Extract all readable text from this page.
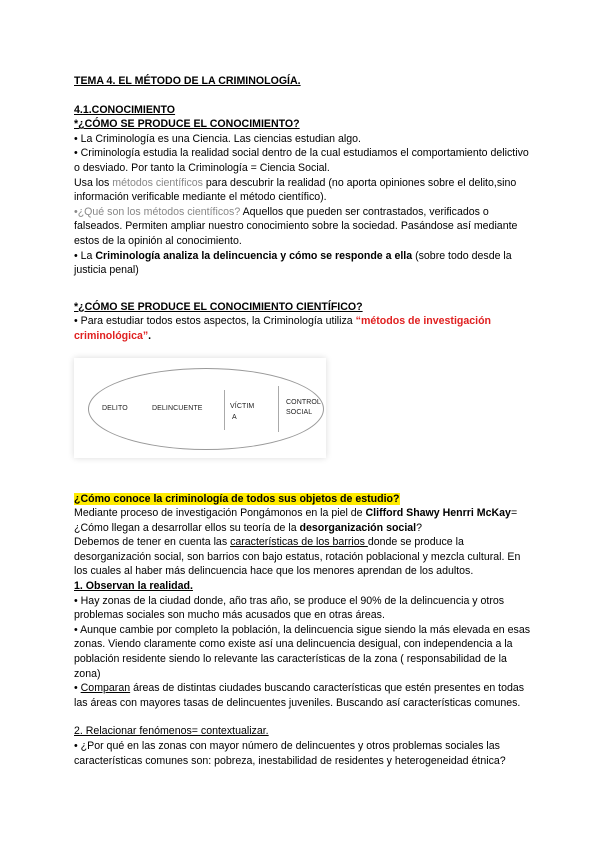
TEMA 4. EL MÉTODO DE LA CRIMINOLOGÍA.

4.1.CONOCIMIENTO

*¿CÓMO SE PRODUCE EL CONOCIMIENTO?

• La Criminología es una Ciencia. Las ciencias estudian algo.

• Criminología estudia la realidad social dentro de la cual estudiamos el comportamiento delictivo o desviado. Por tanto la Criminología = Ciencia Social.

Usa los métodos científicos para descubrir la realidad (no aporta opiniones sobre el delito,sino información verificable mediante el método científico).

•¿Qué son los métodos científicos? Aquellos que pueden ser contrastados, verificados o falseados. Permiten ampliar nuestro conocimiento sobre la sociedad. Pasándose así mediante estos de la opinión al conocimiento.

• La Criminología analiza la delincuencia y cómo se responde a ella (sobre todo desde la justicia penal)

*¿CÓMO SE PRODUCE EL CONOCIMIENTO CIENTÍFICO?

• Para estudiar todos estos aspectos, la Criminología utiliza “métodos de investigación criminológica”.

DELITO	DELINCUENTE	VÍCTIM
A
CONTROL
SOCIAL

¿Cómo conoce la criminología de todos sus objetos de estudio?

Mediante proceso de investigación Pongámonos en la piel de Clifford Shawy Henrri McKay= ¿Cómo llegan a desarrollar ellos su teoría de la desorganización social?

Debemos de tener en cuenta las características de los barrios donde se produce la desorganización social, son barrios con bajo estatus, rotación poblacional y mezcla cultural. En los cuales al haber más delincuencia hace que los menores aprendan de los adultos.

1. Observan la realidad.

• Hay zonas de la ciudad donde, año tras año, se produce el 90% de la delincuencia y otros problemas sociales son mucho más acusados que en otras áreas.

• Aunque cambie por completo la población, la delincuencia sigue siendo la más elevada en esas zonas. Viendo claramente como existe así una delincuencia desigual, con independencia a la población residente siendo lo relevante las características de la zona ( responsabilidad de la zona)

• Comparan áreas de distintas ciudades buscando características que estén presentes en todas las áreas con mayores tasas de delincuentes juveniles. Buscando así características comunes.

2. Relacionar fenómenos= contextualizar.

• ¿Por qué en las zonas con mayor número de delincuentes y otros problemas sociales las características comunes son: pobreza, inestabilidad de residentes y heterogeneidad étnica?
